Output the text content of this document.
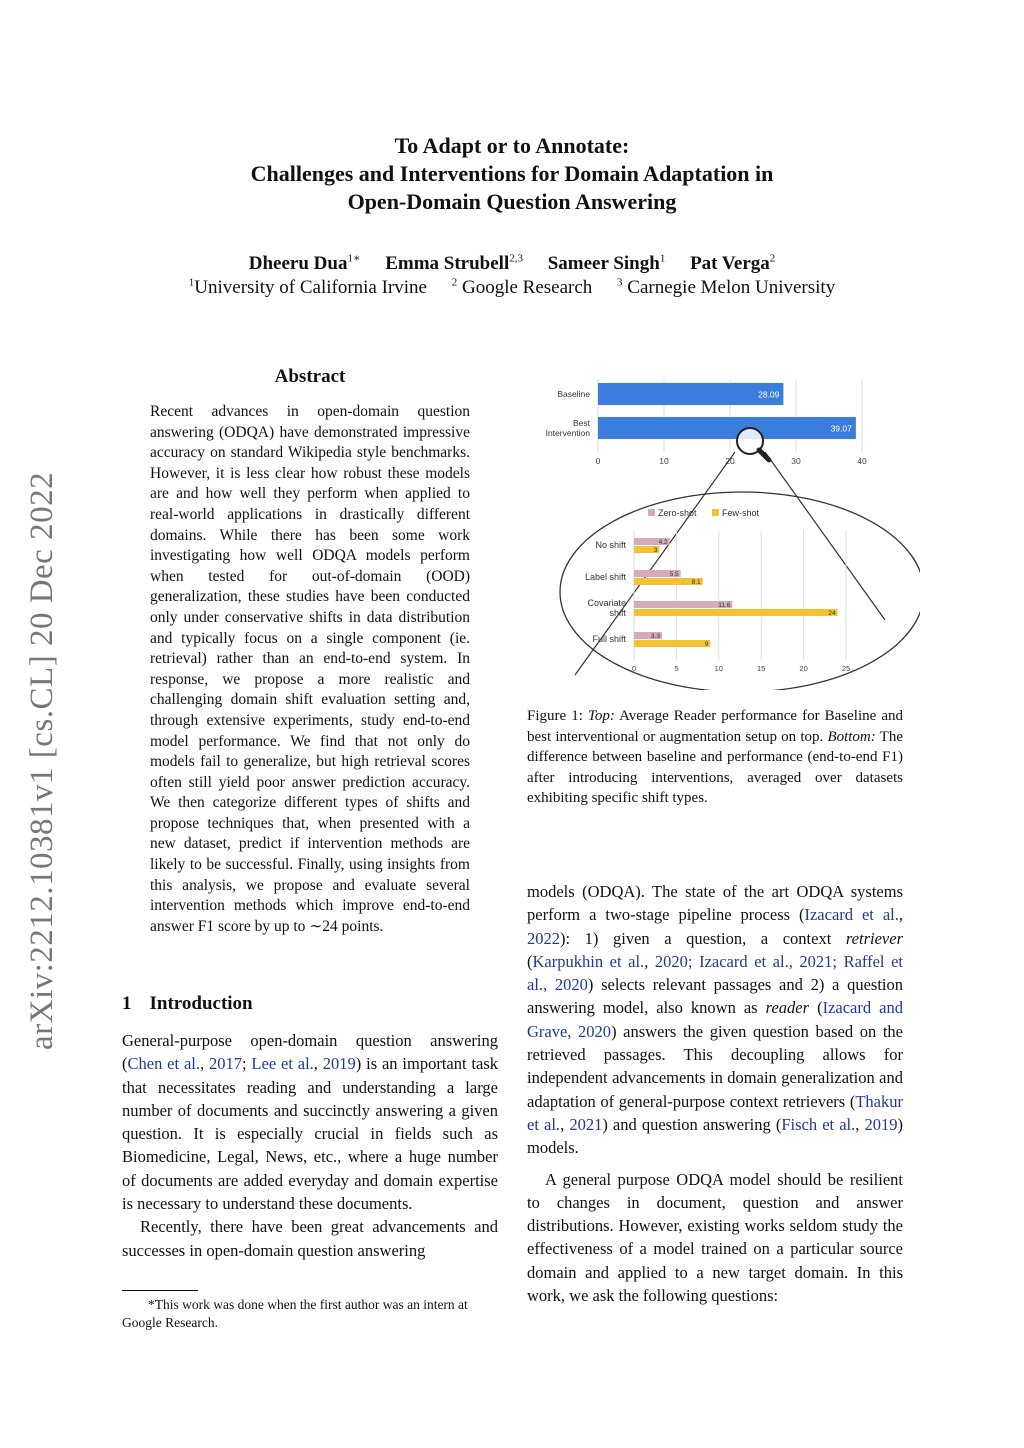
To Adapt or to Annotate:
Challenges and Interventions for Domain Adaptation in
Open-Domain Question Answering
Dheeru Dua$^{1∗}$ Emma Strubell$^{2,3}$ Sameer Singh$^1$ Pat Verga$^2$
$^1$University of California Irvine $^2$ Google Research $^3$ Carnegie Melon University
arXiv:2212.10381v1 [cs.CL] 20 Dec 2022
Abstract
Recent advances in open-domain question answering (ODQA) have demonstrated impressive accuracy on standard Wikipedia style benchmarks. However, it is less clear how robust these models are and how well they perform when applied to real-world applications in drastically different domains. While there has been some work investigating how well ODQA models perform when tested for out-of-domain (OOD) generalization, these studies have been conducted only under conservative shifts in data distribution and typically focus on a single component (ie. retrieval) rather than an end-to-end system. In response, we propose a more realistic and challenging domain shift evaluation setting and, through extensive experiments, study end-to-end model performance. We find that not only do models fail to generalize, but high retrieval scores often still yield poor answer prediction accuracy. We then categorize different types of shifts and propose techniques that, when presented with a new dataset, predict if intervention methods are likely to be successful. Finally, using insights from this analysis, we propose and evaluate several intervention methods which improve end-to-end answer F1 score by up to ∼24 points.
1 Introduction

General-purpose open-domain question answering (Chen et al., 2017; Lee et al., 2019) is an important task that necessitates reading and understanding a large number of documents and succinctly answering a given question. It is especially crucial in fields such as Biomedicine, Legal, News, etc., where a huge number of documents are added everyday and domain expertise is necessary to understand these documents.

Recently, there have been great advancements and successes in open-domain question answering

*This work was done when the first author was an intern at Google Research.
0	10	20	30	40
28.09
Baseline
39.07
Best
Intervention
0	5	10	15	20	25
Zero-shot	Few-shot
4.2
3
No shift
5.5
8.1
Label shift
11.6
24
Covariate
shift
3.3
9
Full shift
Figure 1: Top: Average Reader performance for Baseline and best interventional or augmentation setup on top. Bottom: The difference between baseline and performance (end-to-end F1) after introducing interventions, averaged over datasets exhibiting specific shift types.

models (ODQA). The state of the art ODQA systems perform a two-stage pipeline process (Izacard et al., 2022): 1) given a question, a context retriever (Karpukhin et al., 2020; Izacard et al., 2021; Raffel et al., 2020) selects relevant passages and 2) a question answering model, also known as reader (Izacard and Grave, 2020) answers the given question based on the retrieved passages. This decoupling allows for independent advancements in domain generalization and adaptation of general-purpose context retrievers (Thakur et al., 2021) and question answering (Fisch et al., 2019) models.

A general purpose ODQA model should be resilient to changes in document, question and answer distributions. However, existing works seldom study the effectiveness of a model trained on a particular source domain and applied to a new target domain. In this work, we ask the following questions:
